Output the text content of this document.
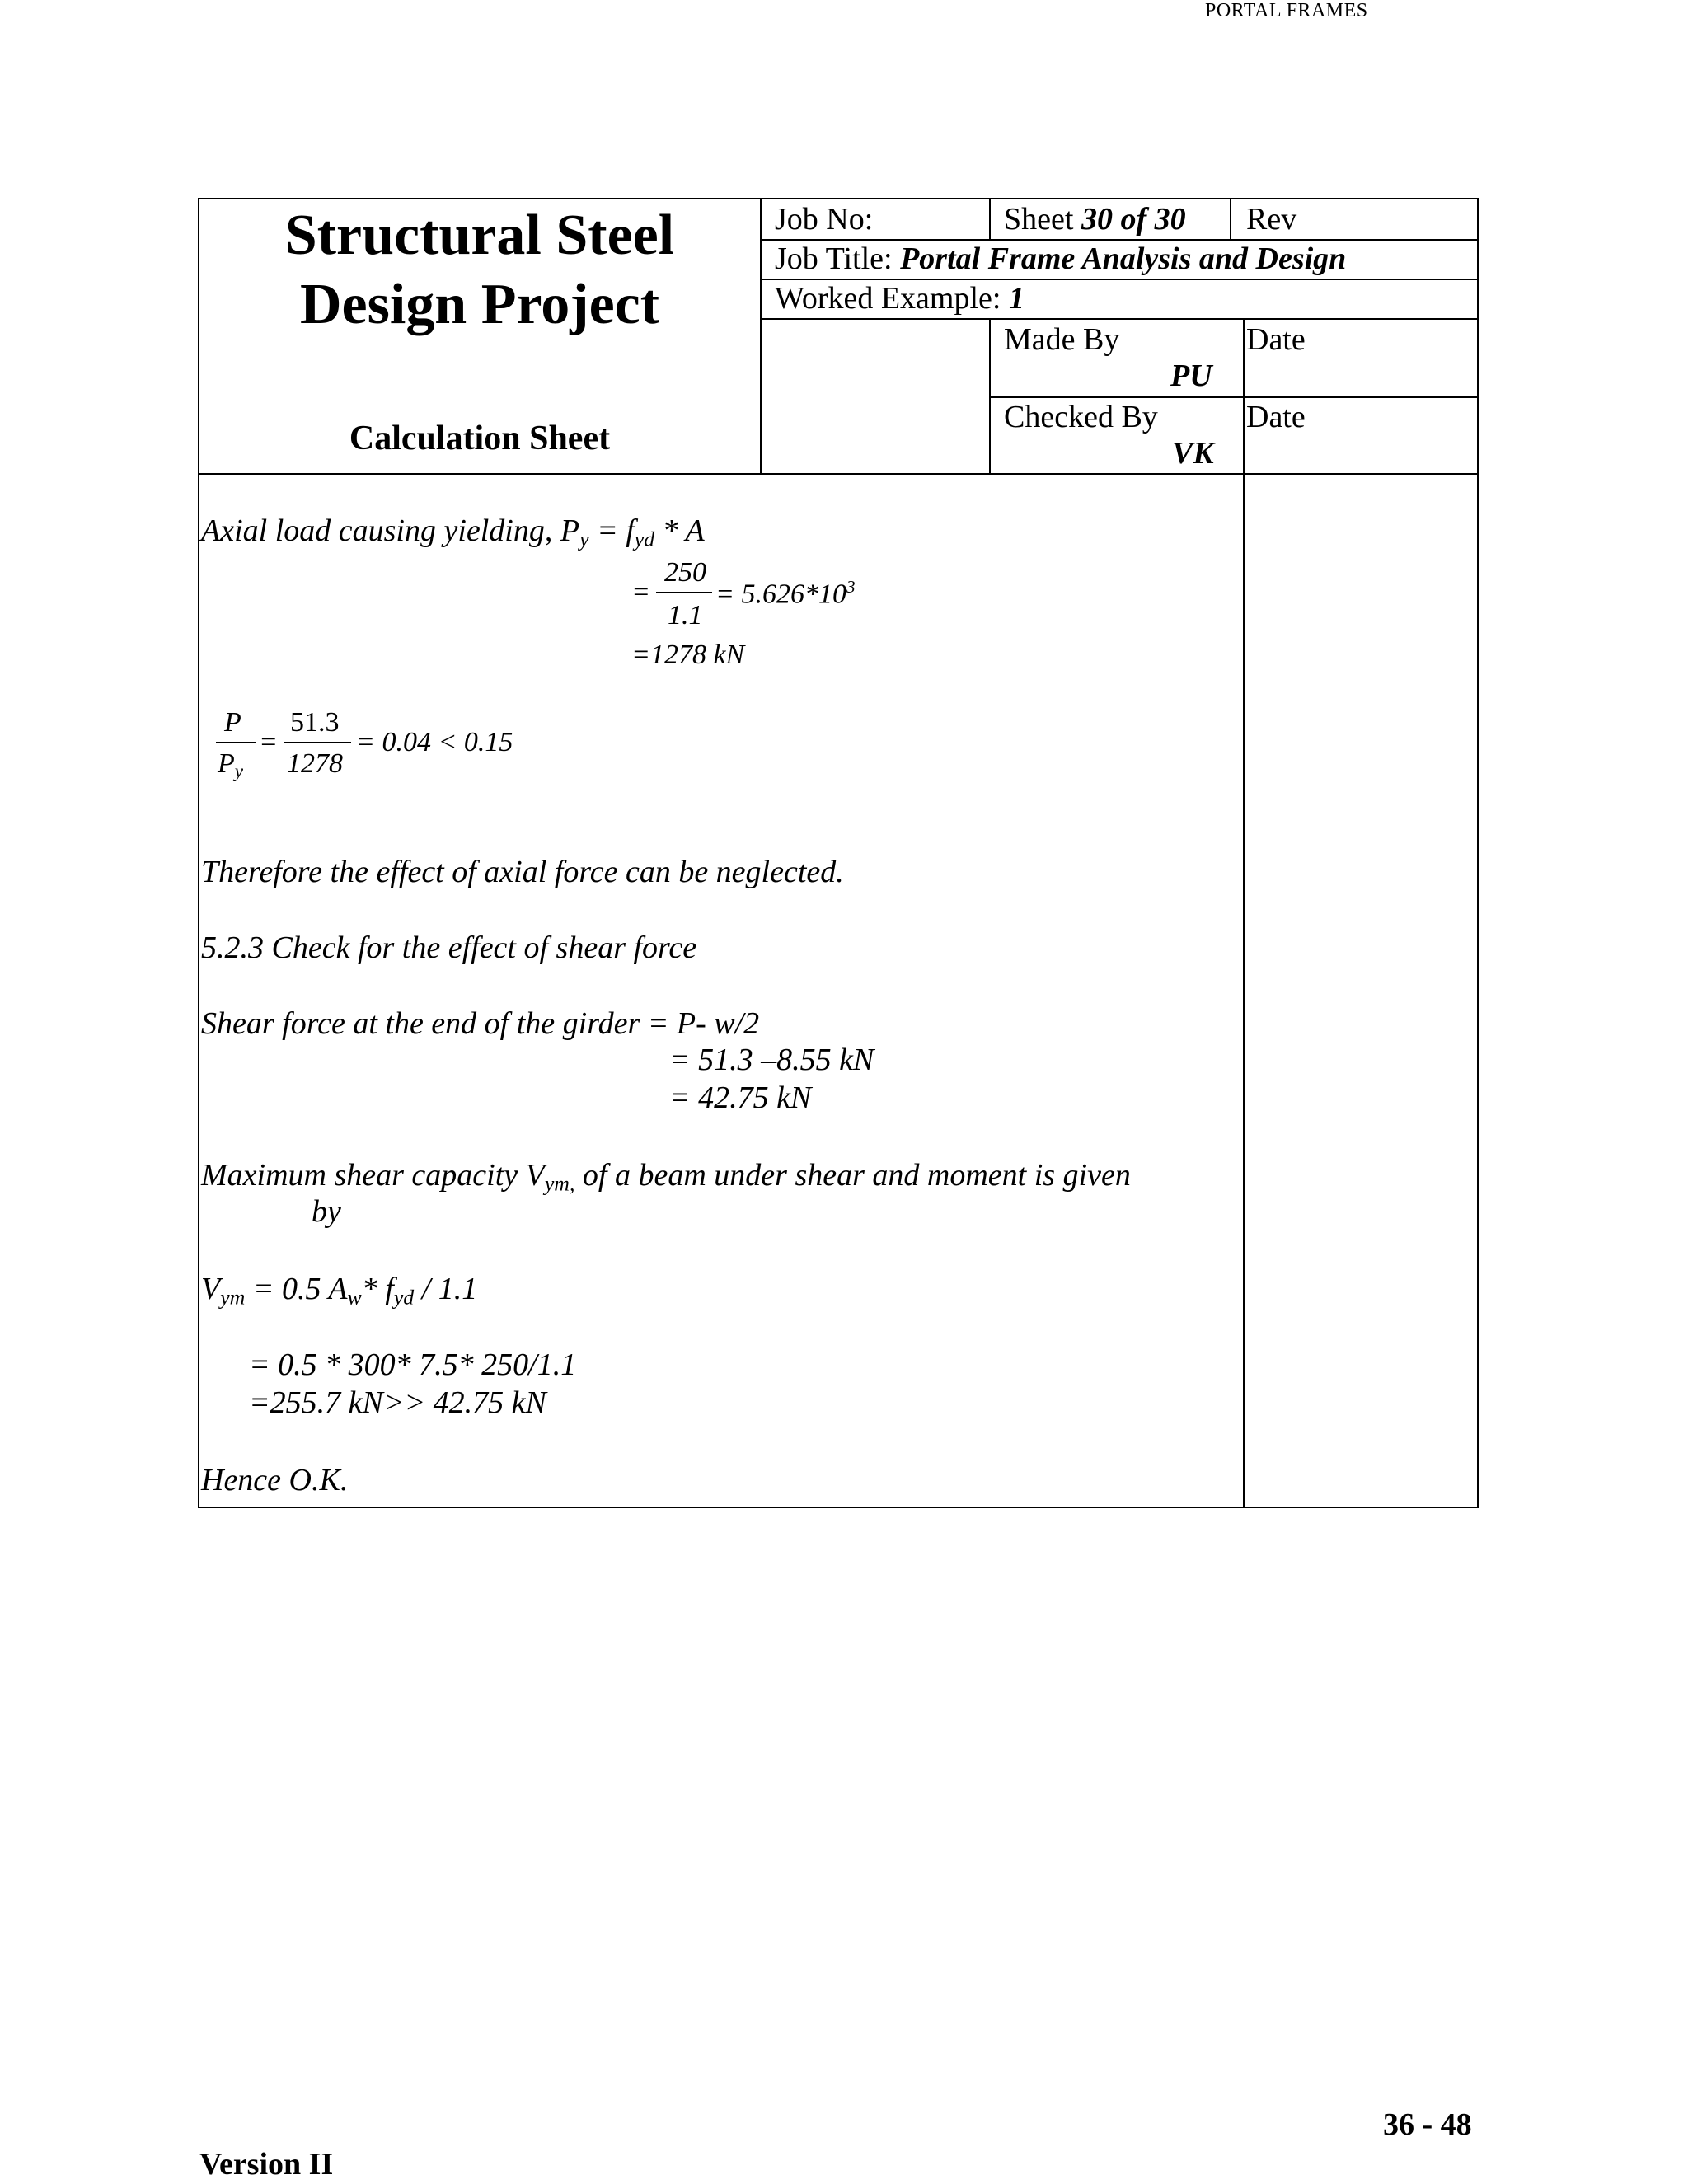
PORTAL FRAMES
Structural Steel
Design Project
Calculation Sheet
Job No:	Sheet 30 of 30 Rev
Job Title: Portal Frame Analysis and Design
Worked Example: 1
Made By
PU
Date
Checked By
VK
Date
Axial load causing yielding, $P_y = f_{yd} * A$
=
250
1.1
= $5.626*10^3$
=1278 kN
P
$P_y$
=
51.3
1278
= 0.04 < 0.15
Therefore the effect of axial force can be neglected.
5.2.3 Check for the effect of shear force
Shear force at the end of the girder = P- w/2
= 51.3 –8.55 kN
= 42.75 kN
Maximum shear capacity $V_{ym,}$ of a beam under shear and moment is given
by
$V_{ym} = 0.5$ $A_w*$ $f_{yd} / 1.1$
= 0.5 * 300* 7.5* 250/1.1
=255.7 kN>> 42.75 kN
Hence O.K.
36 - 48
Version II
